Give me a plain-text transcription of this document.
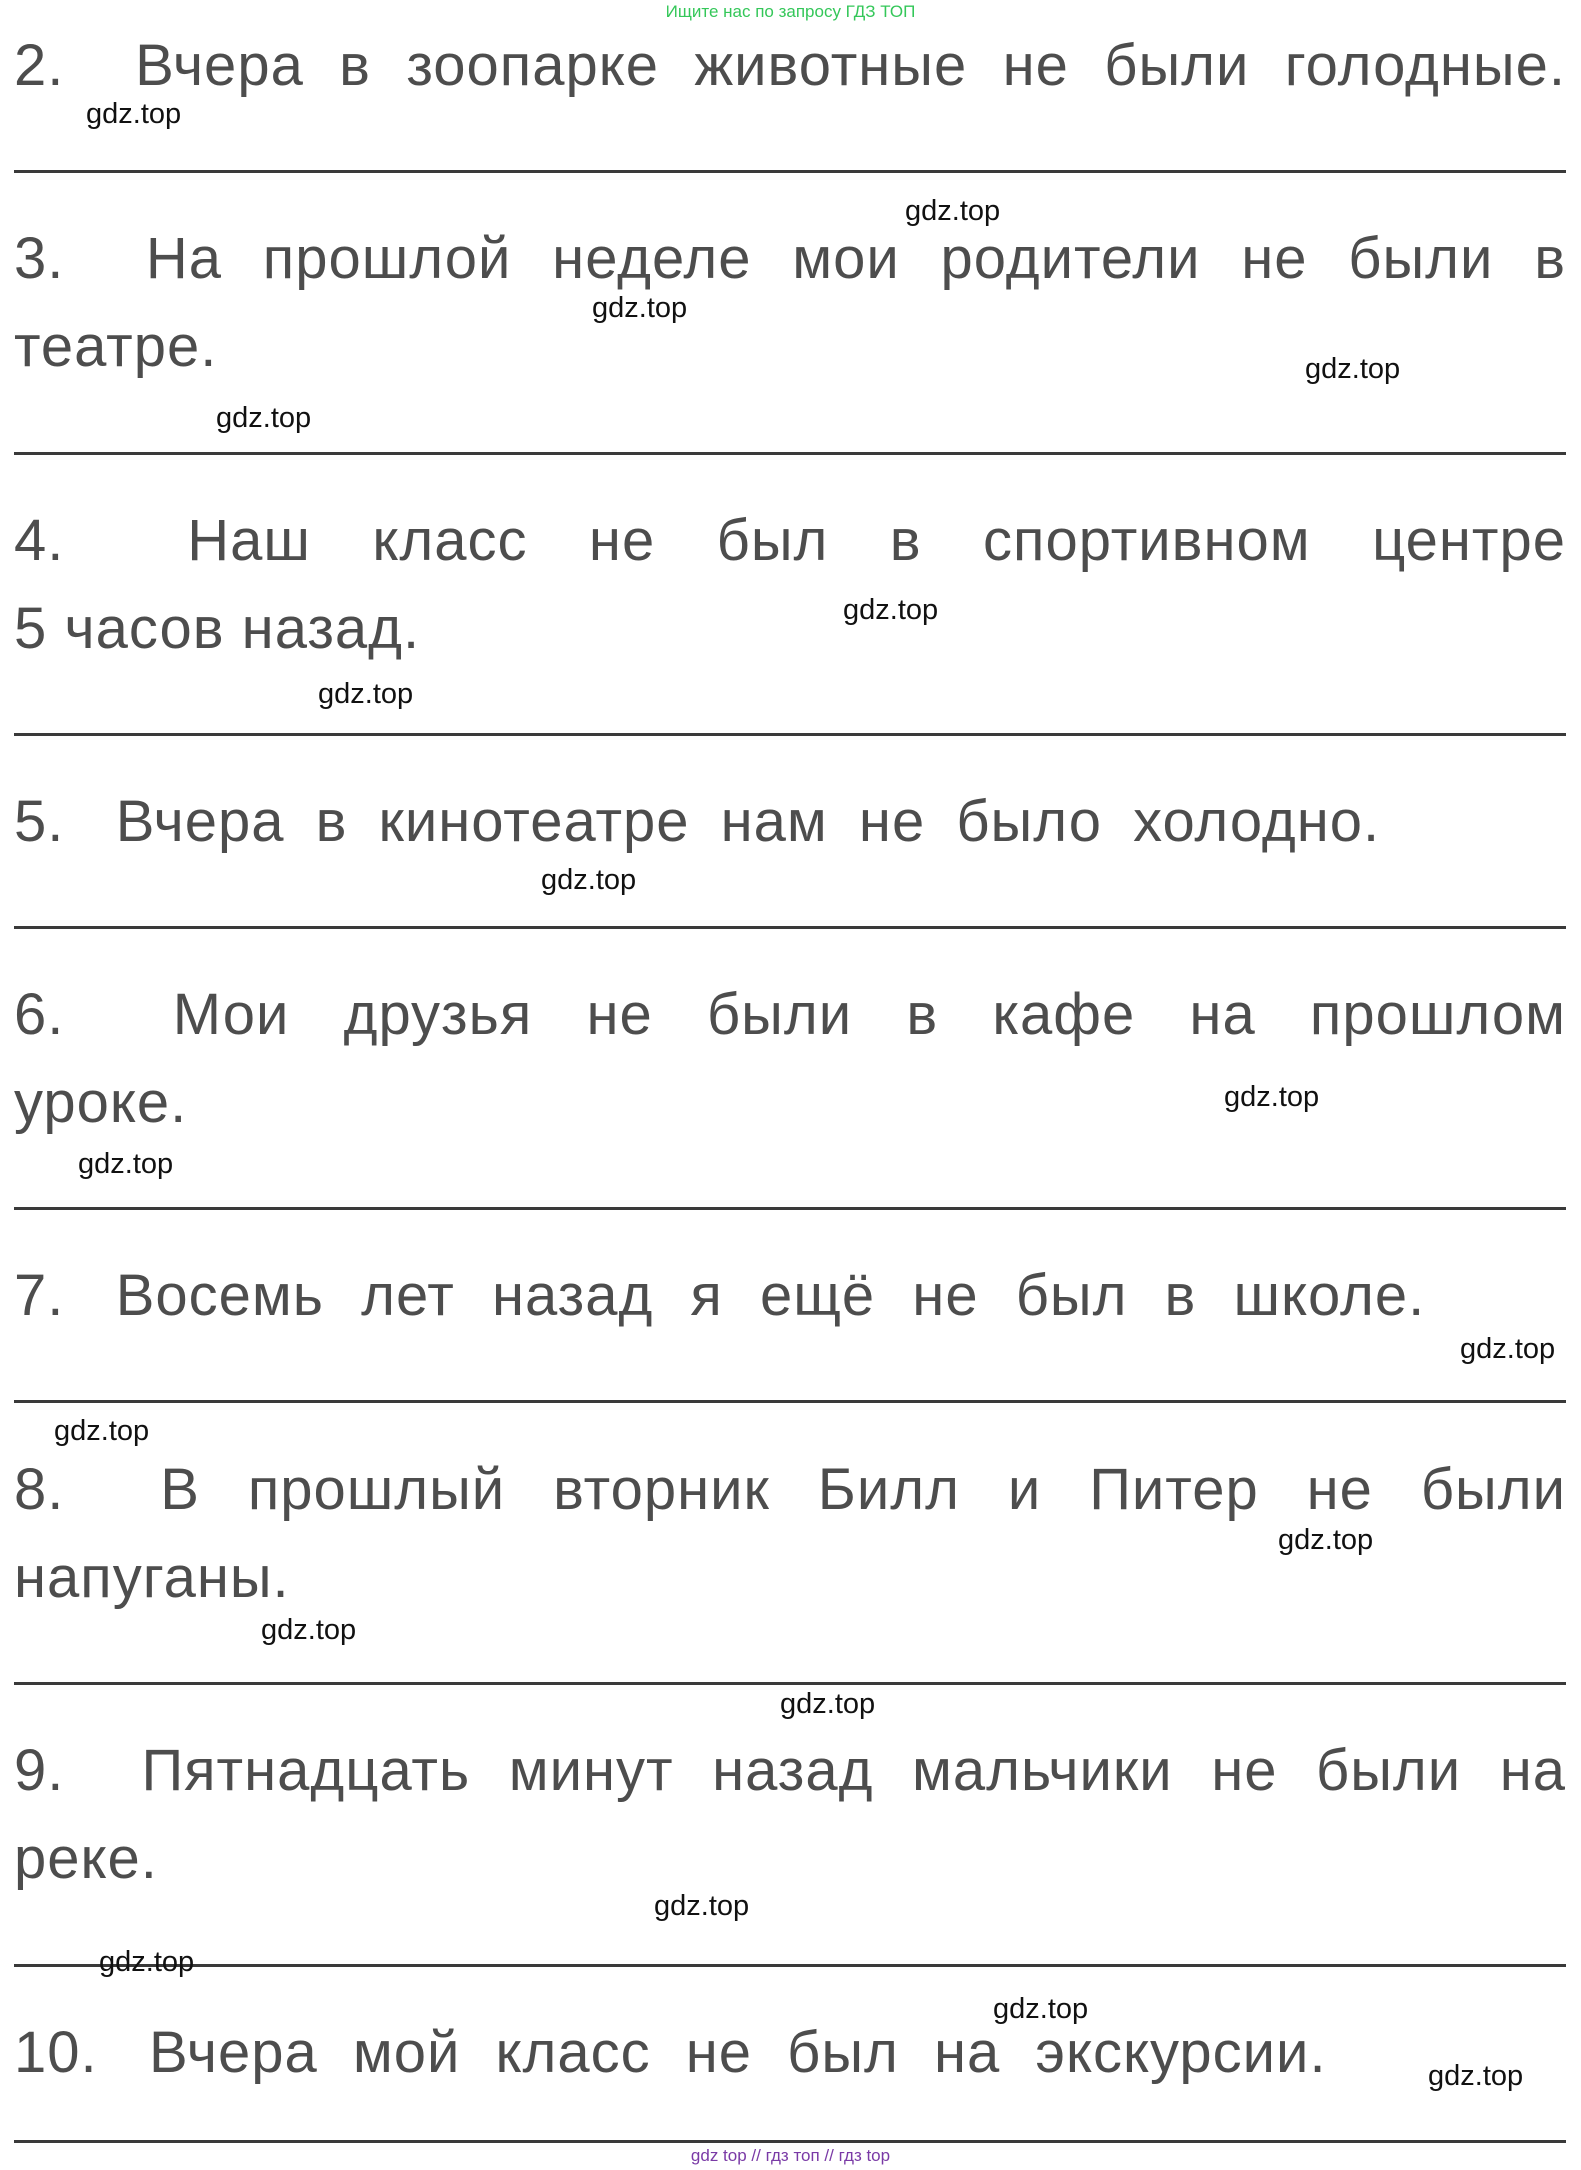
Ищите нас по запросу ГДЗ ТОП
2. Вчера в зоопарке животные не были голодные.
3. На прошлой неделе мои родители не были в
театре.
4. Наш класс не был в спортивном центре
5 часов назад.
5. Вчера в кинотеатре нам не было холодно.
6. Мои друзья не были в кафе на прошлом
уроке.
7. Восемь лет назад я ещё не был в школе.
8. В прошлый вторник Билл и Питер не были
напуганы.
9. Пятнадцать минут назад мальчики не были на
реке.
10. Вчера мой класс не был на экскурсии.
gdz.top
gdz.top
gdz.top
gdz.top
gdz.top
gdz.top
gdz.top
gdz.top
gdz.top
gdz.top
gdz.top
gdz.top
gdz.top
gdz.top
gdz.top
gdz.top
gdz.top
gdz.top
gdz.top
gdz top // гдз топ // гдз top
